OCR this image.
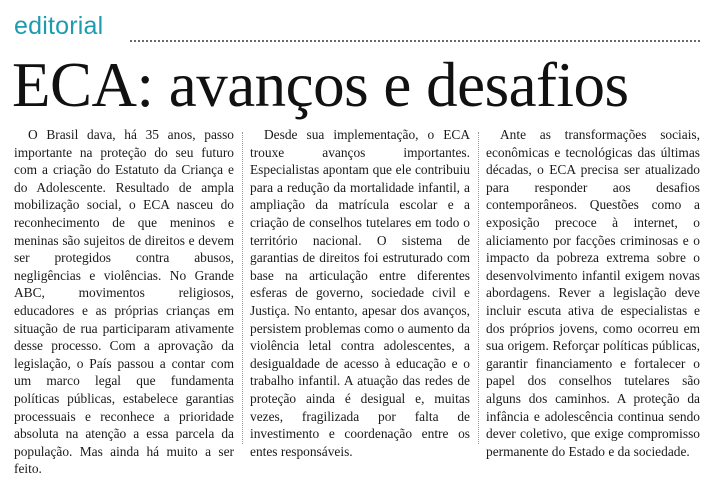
editorial
ECA: avanços e desafios

O Brasil dava, há 35 anos, passo importante na proteção do seu futuro com a criação do Estatuto da Criança e do Adolescente. Resultado de ampla mobilização social, o ECA nasceu do reconhecimento de que meninos e meninas são sujeitos de direitos e devem ser protegidos contra abusos, negligências e violências. No Grande ABC, movimentos religiosos, educadores e as próprias crianças em situação de rua participaram ativamente desse processo. Com a aprovação da legislação, o País passou a contar com um marco legal que fundamenta políticas públicas, estabelece garantias processuais e reconhece a prioridade absoluta na atenção a essa parcela da população. Mas ainda há muito a ser feito.

Desde sua implementação, o ECA trouxe avanços importantes. Especialistas apontam que ele contribuiu para a redução da mortalidade infantil, a ampliação da matrícula escolar e a criação de conselhos tutelares em todo o território nacional. O sistema de garantias de direitos foi estruturado com base na articulação entre diferentes esferas de governo, sociedade civil e Justiça. No entanto, apesar dos avanços, persistem problemas como o aumento da violência letal contra adolescentes, a desigualdade de acesso à educação e o trabalho infantil. A atuação das redes de proteção ainda é desigual e, muitas vezes, fragilizada por falta de investimento e coordenação entre os entes responsáveis.

Ante as transformações sociais, econômicas e tecnológicas das últimas décadas, o ECA precisa ser atualizado para responder aos desafios contemporâneos. Questões como a exposição precoce à internet, o aliciamento por facções criminosas e o impacto da pobreza extrema sobre o desenvolvimento infantil exigem novas abordagens. Rever a legislação deve incluir escuta ativa de especialistas e dos próprios jovens, como ocorreu em sua origem. Reforçar políticas públicas, garantir financiamento e fortalecer o papel dos conselhos tutelares são alguns dos caminhos. A proteção da infância e adolescência continua sendo dever coletivo, que exige compromisso permanente do Estado e da sociedade.
